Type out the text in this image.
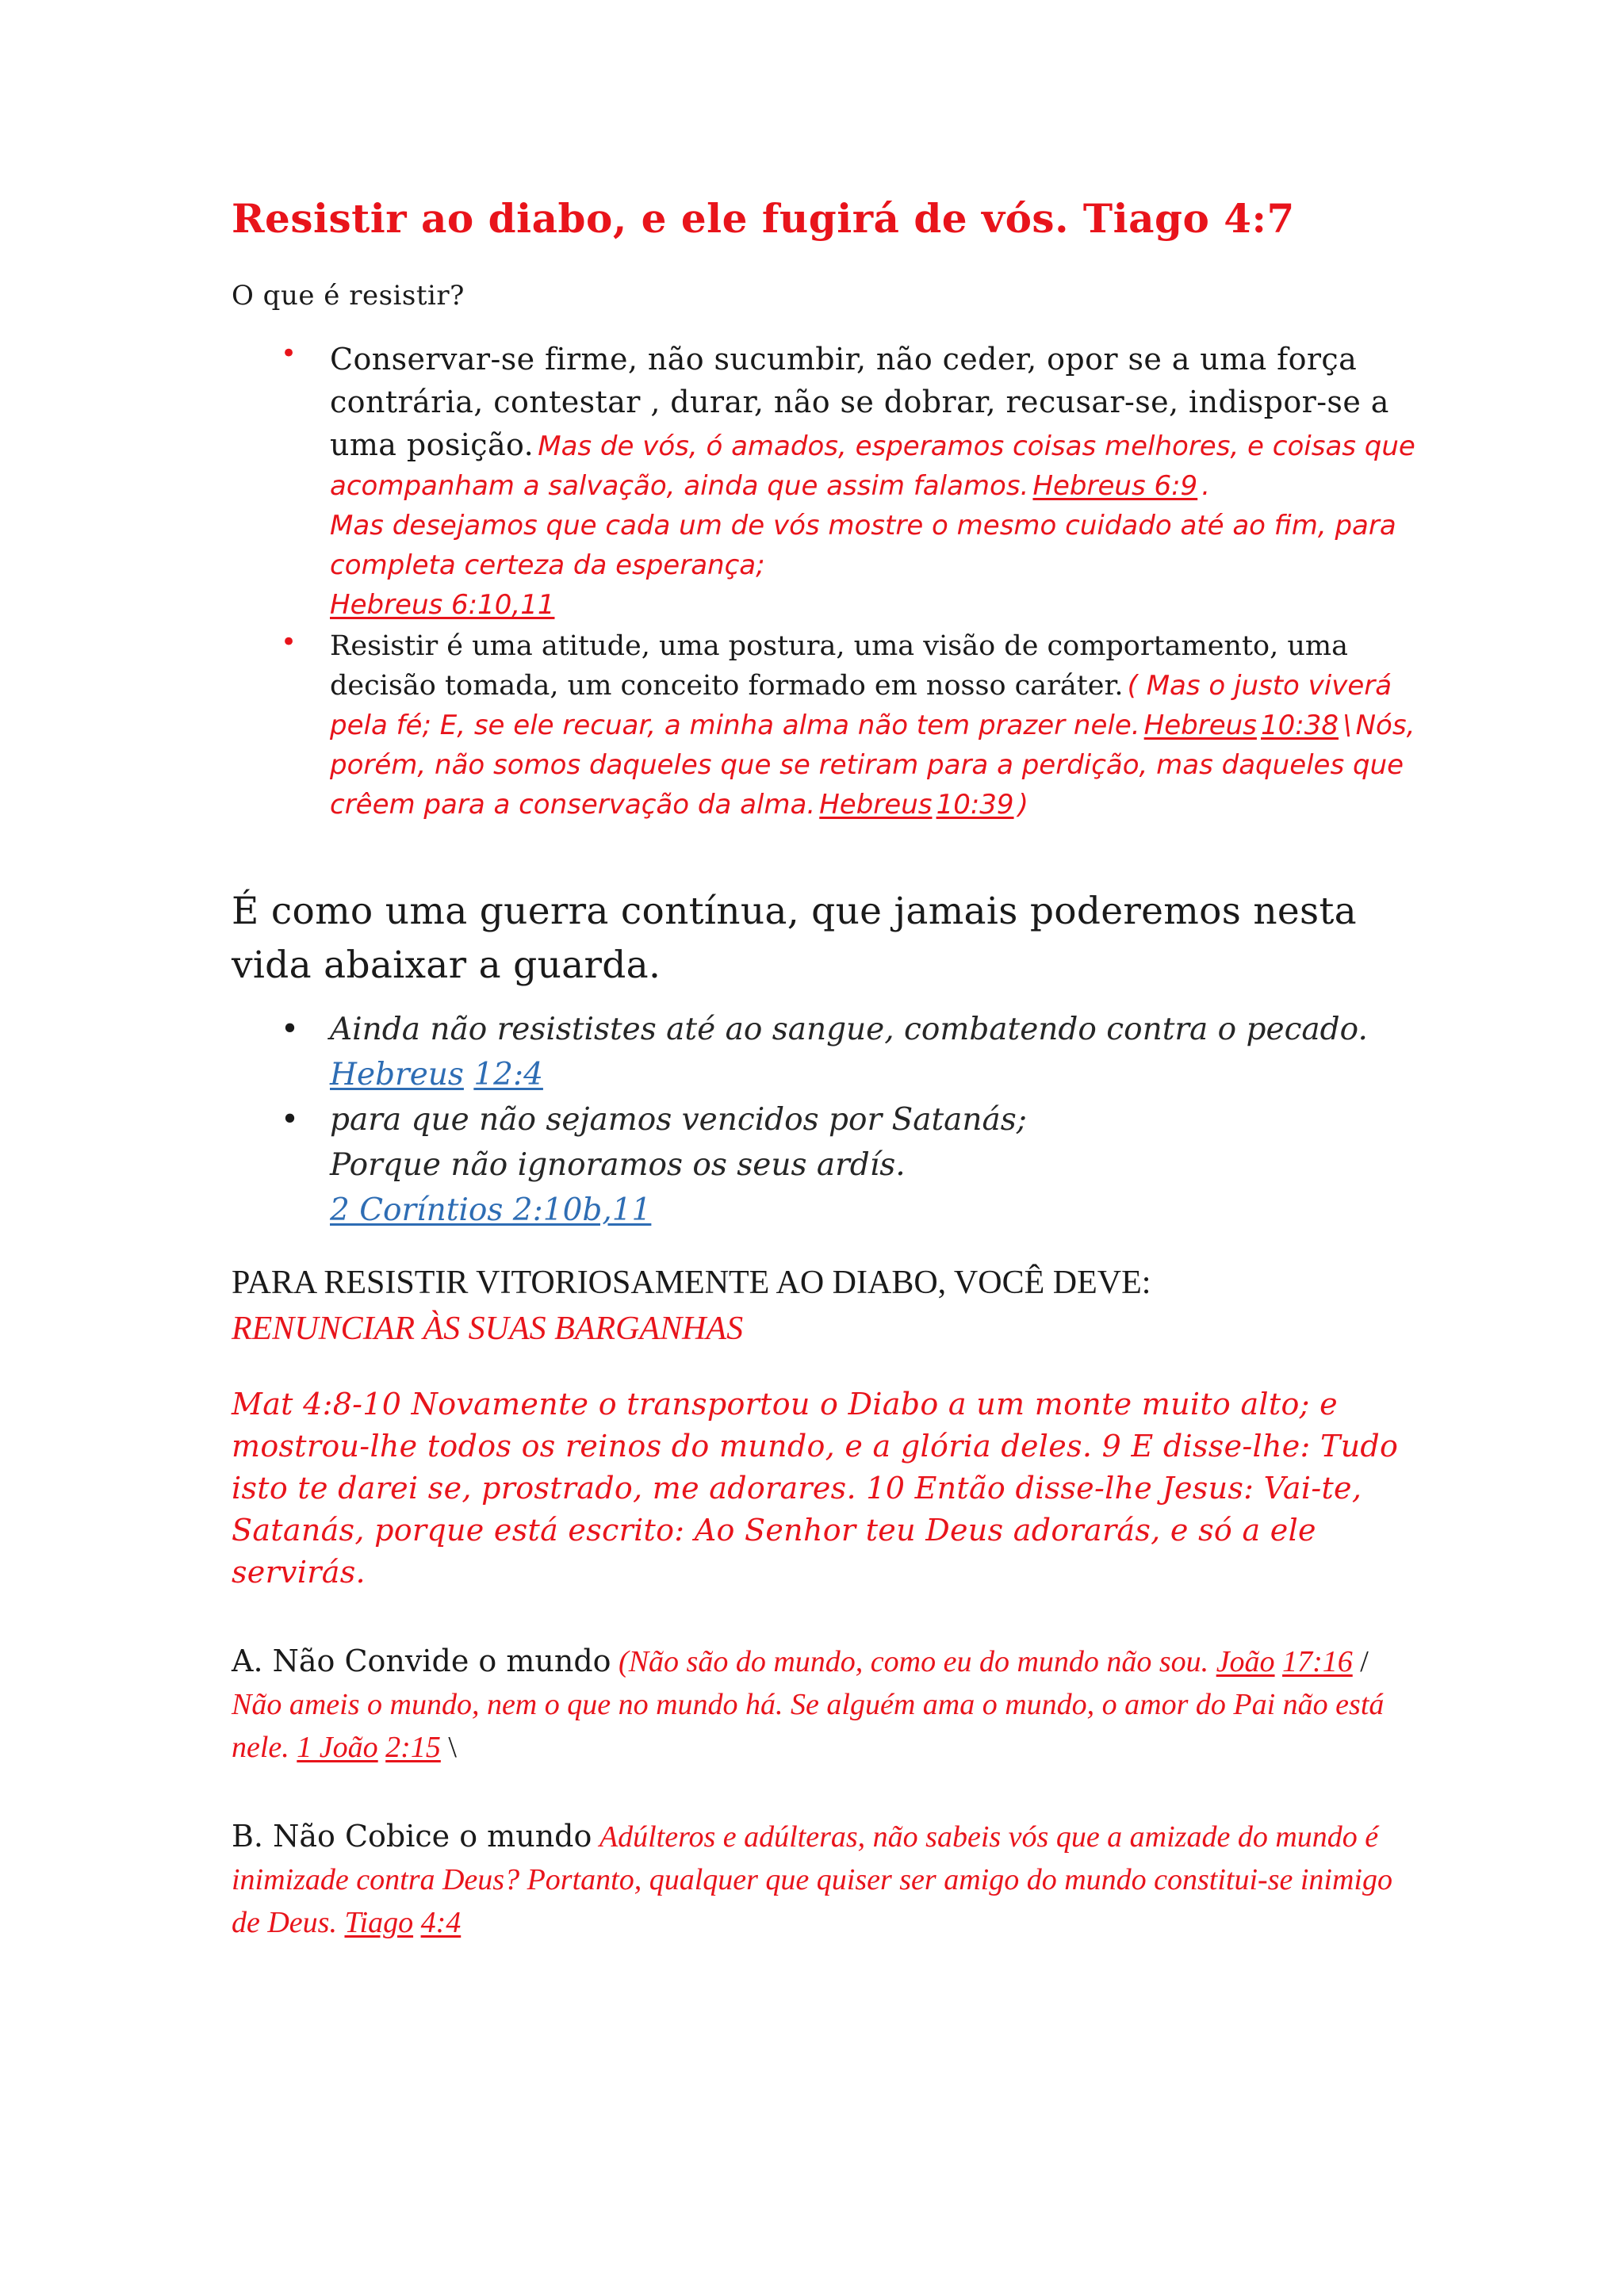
Resistir ao diabo, e ele fugirá de vós. Tiago 4:7

O que é resistir?

• Conservar-se firme, não sucumbir, não ceder, opor se a uma força contrária, contestar , durar, não se dobrar, recusar-se, indispor-se a uma posição. Mas de vós, ó amados, esperamos coisas melhores, e coisas que acompanham a salvação, ainda que assim falamos. Hebreus 6:9 .
Mas desejamos que cada um de vós mostre o mesmo cuidado até ao fim, para completa certeza da esperança;
Hebreus 6:10,11
• Resistir é uma atitude, uma postura, uma visão de comportamento, uma decisão tomada, um conceito formado em nosso caráter. ( Mas o justo viverá pela fé; E, se ele recuar, a minha alma não tem prazer nele. Hebreus 10:38 \ Nós, porém, não somos daqueles que se retiram para a perdição, mas daqueles que crêem para a conservação da alma. Hebreus 10:39 )

É como uma guerra contínua, que jamais poderemos nesta vida abaixar a guarda.

• Ainda não resististes até ao sangue, combatendo contra o pecado. Hebreus 12:4
• para que não sejamos vencidos por Satanás;
Porque não ignoramos os seus ardís.
2 Coríntios 2:10b,11

PARA RESISTIR VITORIOSAMENTE AO DIABO, VOCÊ DEVE:
RENUNCIAR ÀS SUAS BARGANHAS

Mat 4:8-10 Novamente o transportou o Diabo a um monte muito alto; e mostrou-lhe todos os reinos do mundo, e a glória deles. 9 E disse-lhe: Tudo isto te darei se, prostrado, me adorares. 10 Então disse-lhe Jesus: Vai-te, Satanás, porque está escrito: Ao Senhor teu Deus adorarás, e só a ele servirás.

A. Não Convide o mundo (Não são do mundo, como eu do mundo não sou. João 17:16 / Não ameis o mundo, nem o que no mundo há. Se alguém ama o mundo, o amor do Pai não está nele. 1 João 2:15 \

B. Não Cobice o mundo Adúlteros e adúlteras, não sabeis vós que a amizade do mundo é inimizade contra Deus? Portanto, qualquer que quiser ser amigo do mundo constitui-se inimigo de Deus. Tiago 4:4
